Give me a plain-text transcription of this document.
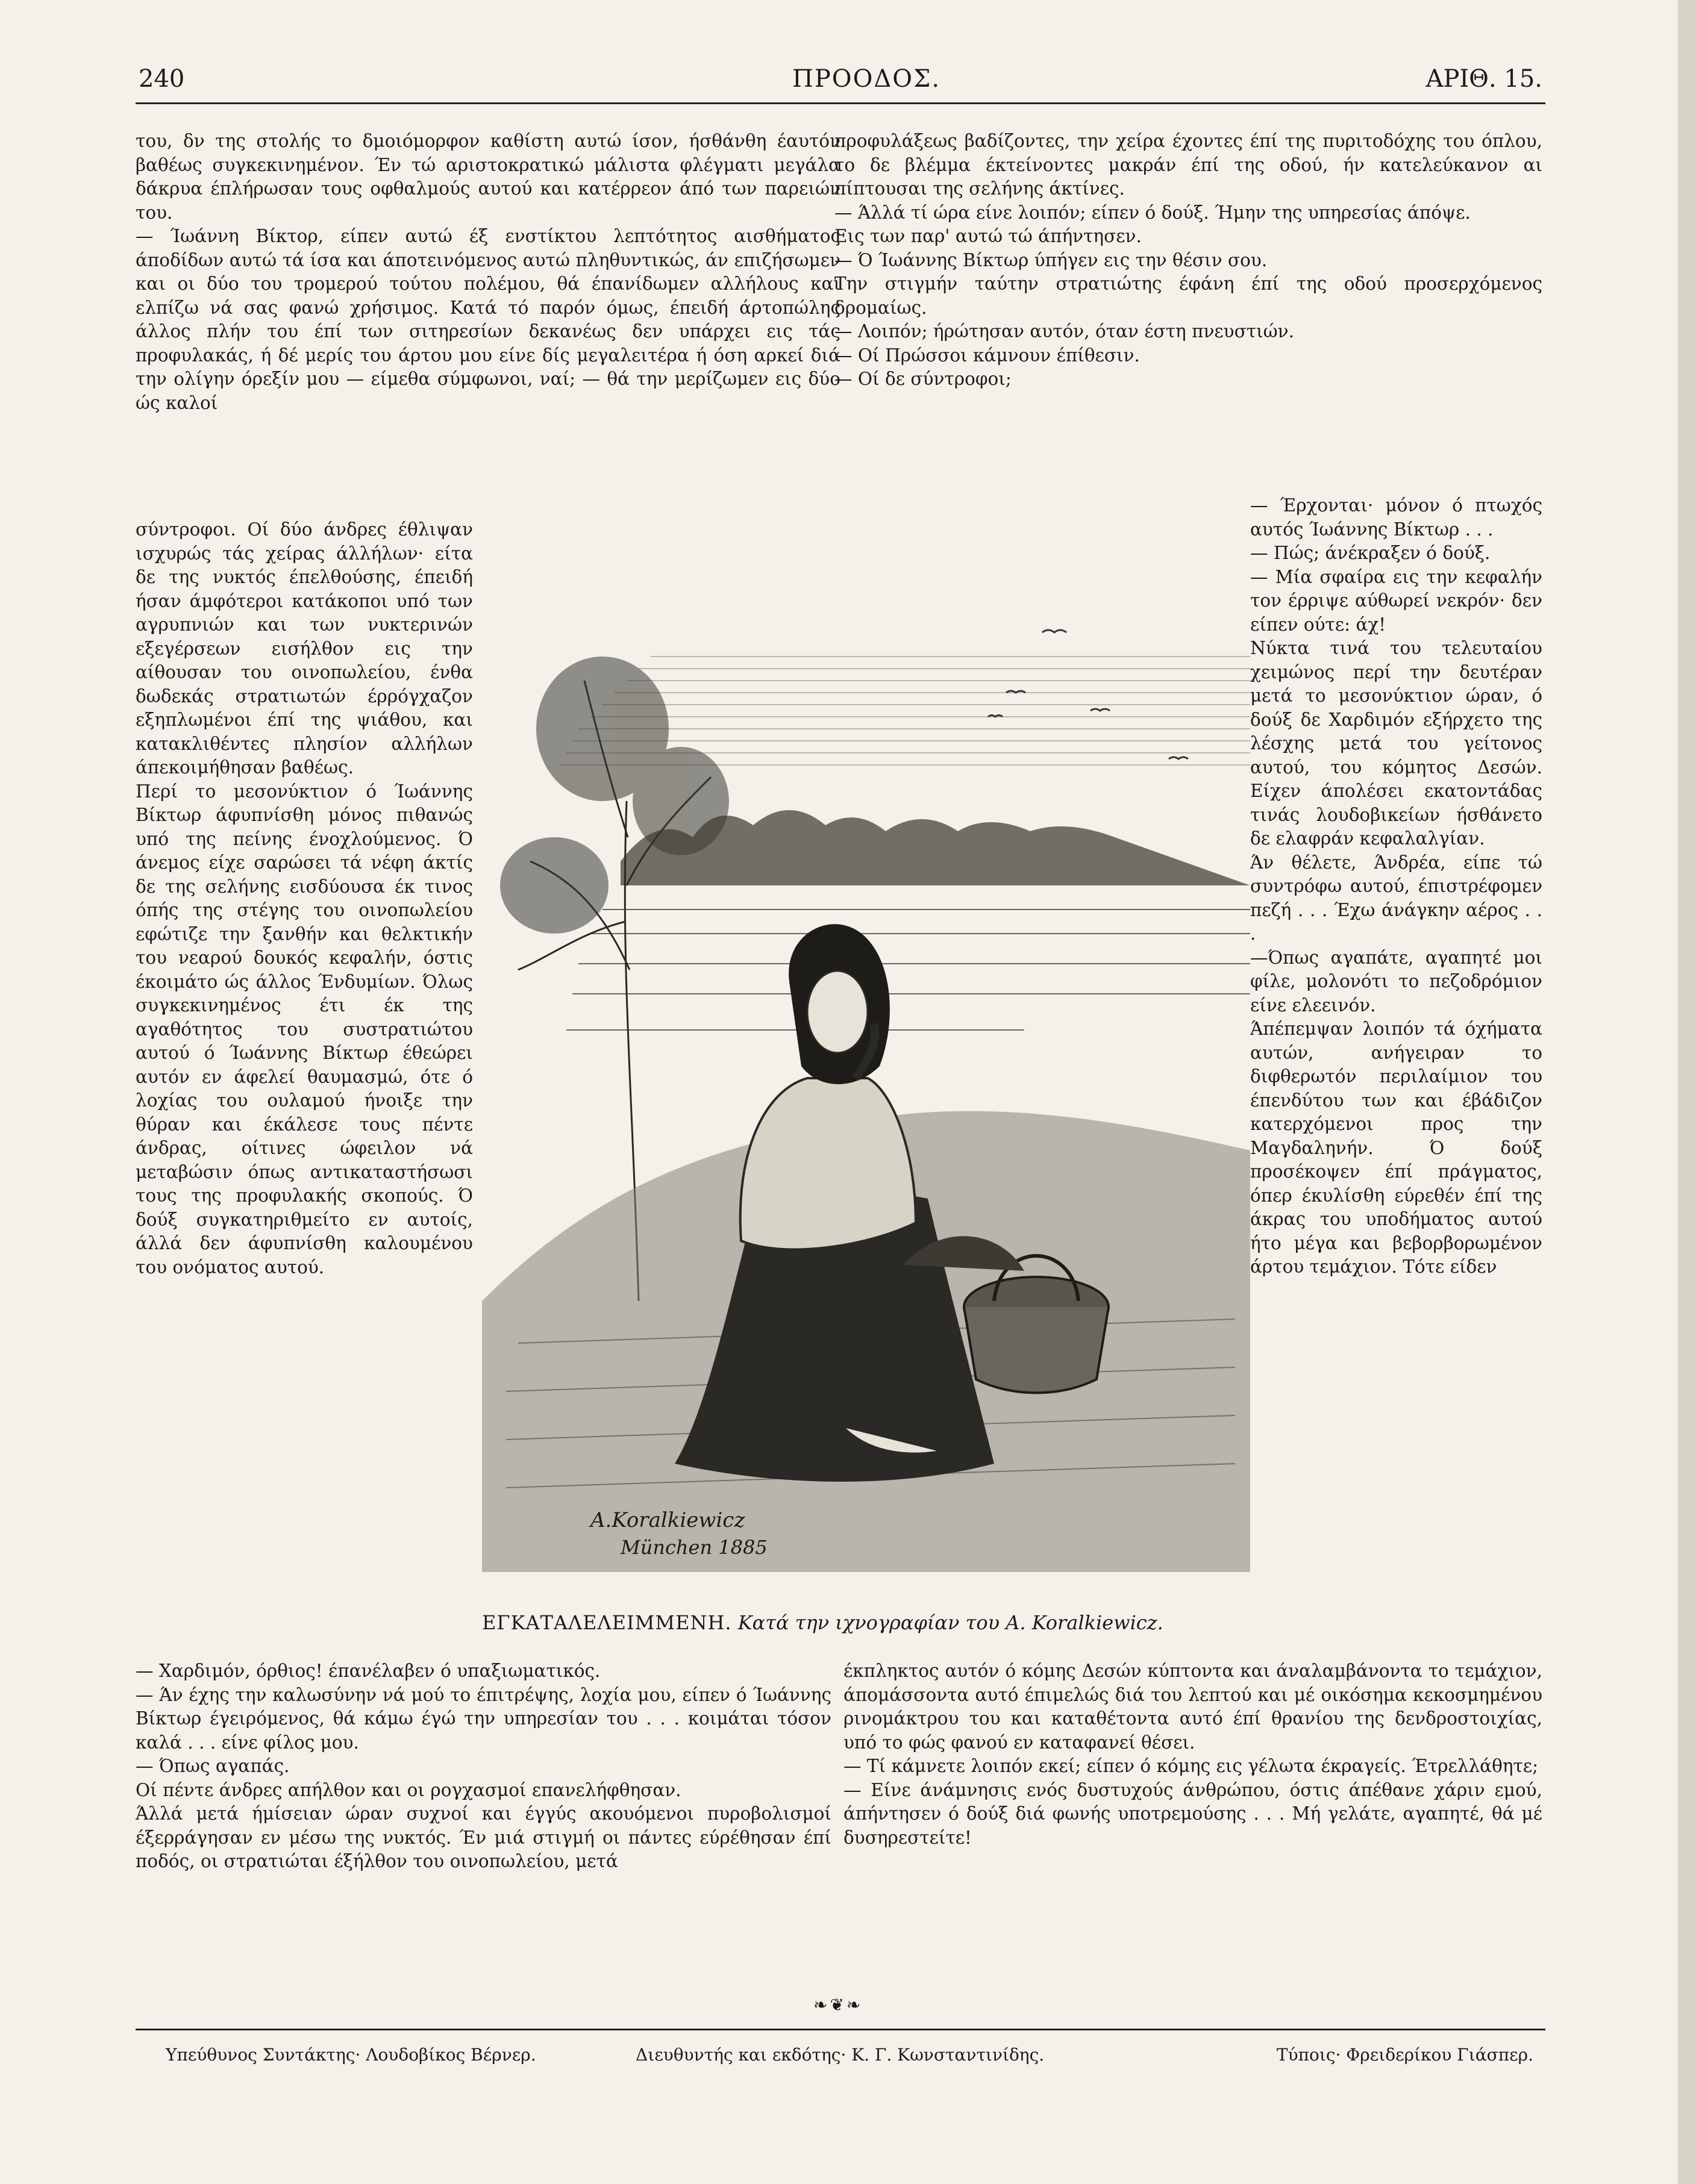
240	ΠΡΟΟΔΟΣ.	ΑΡΙΘ. 15.

του, δν της στολής το δμοιόμορφον καθίστη αυτώ ίσον, ήσθάνθη έαυτόν βαθέως συγκεκινημένον. Έν τώ αριστοκρατικώ μάλιστα φλέγματι μεγάλα δάκρυα έπλήρωσαν τους οφθαλμούς αυτού και κατέρρεον άπό των παρειών του.

— Ίωάννη Βίκτορ, είπεν αυτώ έξ ενστίκτου λεπτότητος αισθήματος άποδίδων αυτώ τά ίσα και άποτεινόμενος αυτώ πληθυντικώς, άν επιζήσωμεν και οι δύο του τρομερού τούτου πολέμου, θά έπανίδωμεν αλλήλους και ελπίζω νά σας φανώ χρήσιμος. Κατά τό παρόν όμως, έπειδή άρτοπώλης άλλος πλήν του έπί των σιτηρεσίων δεκανέως δεν υπάρχει εις τάς προφυλακάς, ή δέ μερίς του άρτου μου είνε δίς μεγαλειτέρα ή όση αρκεί διά την ολίγην όρεξίν μου — είμεθα σύμφωνοι, ναί; — θά την μερίζωμεν εις δύο ώς καλοί

σύντροφοι. Οί δύο άνδρες έθλιψαν ισχυρώς τάς χείρας άλλήλων· είτα δε της νυκτός έπελθούσης, έπειδή ήσαν άμφότεροι κατάκοποι υπό των αγρυπνιών και των νυκτερινών εξεγέρσεων εισήλθον εις την αίθουσαν του οινοπωλείου, ένθα δωδεκάς στρατιωτών έρρόγχαζον εξηπλωμένοι έπί της ψιάθου, και κατακλιθέντες πλησίον αλλήλων άπεκοιμήθησαν βαθέως.

Περί το μεσονύκτιον ό Ίωάννης Βίκτωρ άφυπνίσθη μόνος πιθανώς υπό της πείνης ένοχλούμενος. Ό άνεμος είχε σαρώσει τά νέφη άκτίς δε της σελήνης εισδύουσα έκ τινος όπής της στέγης του οινοπωλείου εφώτιζε την ξανθήν και θελκτικήν του νεαρού δουκός κεφαλήν, όστις έκοιμάτο ώς άλλος Ένδυμίων. Όλως συγκεκινημένος έτι έκ της αγαθότητος του συστρατιώτου αυτού ό Ίωάννης Βίκτωρ έθεώρει αυτόν εν άφελεί θαυμασμώ, ότε ό λοχίας του ουλαμού ήνοιξε την θύραν και έκάλεσε τους πέντε άνδρας, οίτινες ώφειλον νά μεταβώσιν όπως αντικαταστήσωσι τους της προφυλακής σκοπούς. Ό δούξ συγκατηριθμείτο εν αυτοίς, άλλά δεν άφυπνίσθη καλουμένου του ονόματος αυτού.

προφυλάξεως βαδίζοντες, την χείρα έχοντες έπί της πυριτοδόχης του όπλου, το δε βλέμμα έκτείνοντες μακράν έπί της οδού, ήν κατελεύκανον αι πίπτουσαι της σελήνης άκτίνες.

— Άλλά τί ώρα είνε λοιπόν; είπεν ό δούξ. Ήμην της υπηρεσίας άπόψε.

Εις των παρ' αυτώ τώ άπήντησεν.

— Ό Ίωάννης Βίκτωρ ύπήγεν εις την θέσιν σου.

Την στιγμήν ταύτην στρατιώτης έφάνη έπί της οδού προσερχόμενος δρομαίως.

— Λοιπόν; ήρώτησαν αυτόν, όταν έστη πνευστιών.

— Οί Πρώσσοι κάμνουν έπίθεσιν.

— Οί δε σύντροφοι;

— Έρχονται· μόνον ό πτωχός αυτός Ίωάννης Βίκτωρ . . .

— Πώς; άνέκραξεν ό δούξ.

— Μία σφαίρα εις την κεφαλήν τον έρριψε αύθωρεί νεκρόν· δεν είπεν ούτε: άχ!

Νύκτα τινά του τελευταίου χειμώνος περί την δευτέραν μετά το μεσονύκτιον ώραν, ό δούξ δε Χαρδιμόν εξήρχετο της λέσχης μετά του γείτονος αυτού, του κόμητος Δεσών. Είχεν άπολέσει εκατοντάδας τινάς λουδοβικείων ήσθάνετο δε ελαφράν κεφαλαλγίαν.

Άν θέλετε, Άνδρέα, είπε τώ συντρόφω αυτού, έπιστρέφομεν πεζή . . . Έχω άνάγκην αέρος . . .

—Όπως αγαπάτε, αγαπητέ μοι φίλε, μολονότι το πεζοδρόμιον είνε ελεεινόν.

Άπέπεμψαν λοιπόν τά όχήματα αυτών, ανήγειραν το διφθερωτόν περιλαίμιον του έπενδύτου των και έβάδιζον κατερχόμενοι προς την Μαγδαληνήν. Ό δούξ προσέκοψεν έπί πράγματος, όπερ έκυλίσθη εύρεθέν έπί της άκρας του υποδήματος αυτού ήτο μέγα και βεβορβορωμένον άρτου τεμάχιον. Τότε είδεν

A.Koralkiewicz
München 1885
ΕΓΚΑΤΑΛΕΛΕΙΜΜΕΝΗ. Κατά την ιχνογραφίαν του Α. Koralkiewicz.

— Χαρδιμόν, όρθιος! έπανέλαβεν ό υπαξιωματικός.

— Άν έχης την καλωσύνην νά μού το έπιτρέψης, λοχία μου, είπεν ό Ίωάννης Βίκτωρ έγειρόμενος, θά κάμω έγώ την υπηρεσίαν του . . . κοιμάται τόσον καλά . . . είνε φίλος μου.

— Όπως αγαπάς.

Οί πέντε άνδρες απήλθον και οι ρογχασμοί επανελήφθησαν.

Άλλά μετά ήμίσειαν ώραν συχνοί και έγγύς ακουόμενοι πυροβολισμοί έξερράγησαν εν μέσω της νυκτός. Έν μιά στιγμή οι πάντες εύρέθησαν έπί ποδός, οι στρατιώται έξήλθον του οινοπωλείου, μετά

έκπληκτος αυτόν ό κόμης Δεσών κύπτοντα και άναλαμβάνοντα το τεμάχιον, άπομάσσοντα αυτό έπιμελώς διά του λεπτού και μέ οικόσημα κεκοσμημένου ρινομάκτρου του και καταθέτοντα αυτό έπί θρανίου της δενδροστοιχίας, υπό το φώς φανού εν καταφανεί θέσει.

— Τί κάμνετε λοιπόν εκεί; είπεν ό κόμης εις γέλωτα έκραγείς. Έτρελλάθητε;

— Είνε άνάμνησις ενός δυστυχούς άνθρώπου, όστις άπέθανε χάριν εμού, άπήντησεν ό δούξ διά φωνής υποτρεμούσης . . . Μή γελάτε, αγαπητέ, θά μέ δυσηρεστείτε!

❧❦❧
Υπεύθυνος Συντάκτης· Λουδοβίκος Βέρνερ.	Διευθυντής και εκδότης· Κ. Γ. Κωνσταντινίδης.	Τύποις· Φρειδερίκου Γιάσπερ.
